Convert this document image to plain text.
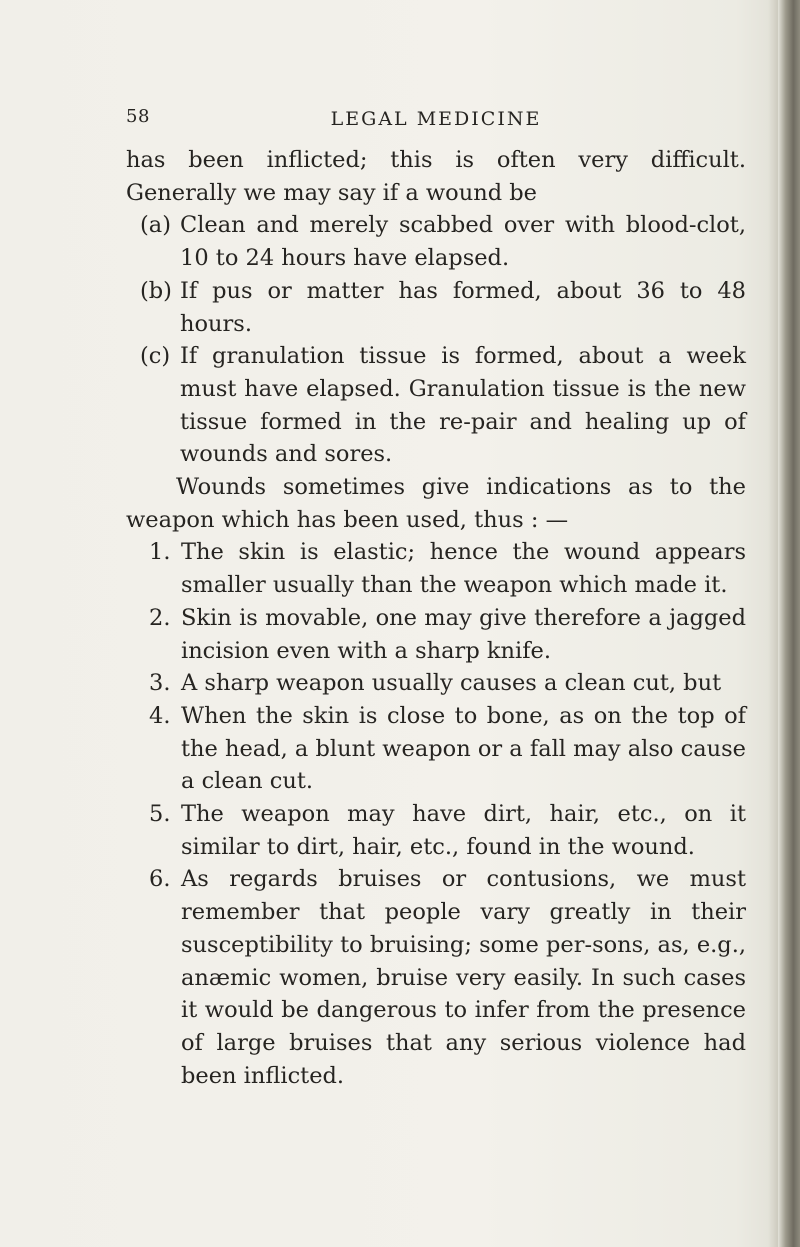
58	LEGAL MEDICINE

has been inflicted; this is often very difficult. Generally we may say if a wound be

(a) Clean and merely scabbed over with blood-clot, 10 to 24 hours have elapsed.
(b) If pus or matter has formed, about 36 to 48 hours.
(c) If granulation tissue is formed, about a week must have elapsed. Granulation tissue is the new tissue formed in the re-pair and healing up of wounds and sores.

Wounds sometimes give indications as to the weapon which has been used, thus : —

1. The skin is elastic; hence the wound appears smaller usually than the weapon which made it.
2. Skin is movable, one may give therefore a jagged incision even with a sharp knife.
3. A sharp weapon usually causes a clean cut, but
4. When the skin is close to bone, as on the top of the head, a blunt weapon or a fall may also cause a clean cut.
5. The weapon may have dirt, hair, etc., on it similar to dirt, hair, etc., found in the wound.
6. As regards bruises or contusions, we must remember that people vary greatly in their susceptibility to bruising; some per-sons, as, e.g., anæmic women, bruise very easily. In such cases it would be dangerous to infer from the presence of large bruises that any serious violence had been inflicted.
